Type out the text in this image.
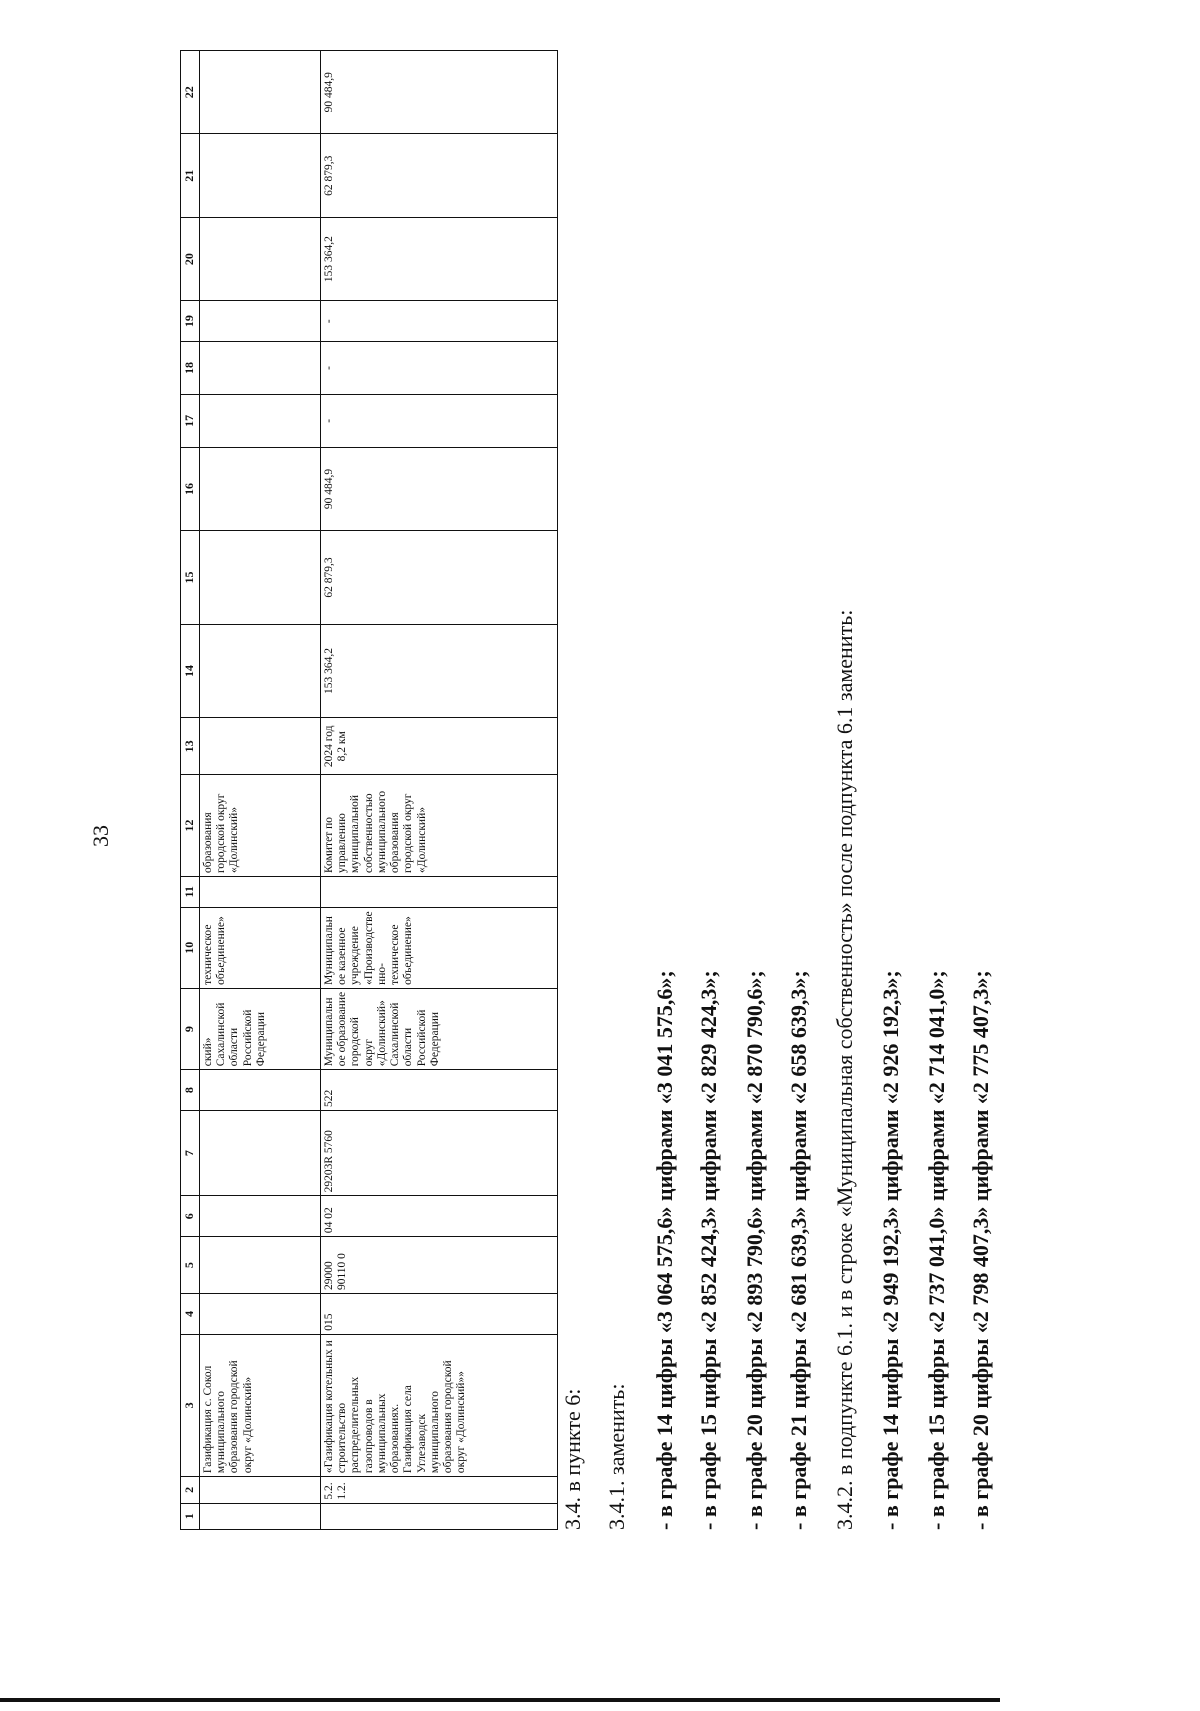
33
1	2	3	4	5	6	7	8	9	10	11	12	13	14	15	16	17	18	19	20	21	22
		Газификация с. Сокол муниципального образования городской округ «Долинский»						ский» Сахалинской области Российской Федерации	техническое объединение»		образования городской округ «Долинский»										
	5.2.1.2.	«Газификация котельных и строительство распределительных газопроводов в муниципальных образованиях. Газификация села Углезаводск муниципального образования городской округ «Долинский»»	015	29000 90110 0	04 02	29203R 5760	522	Муниципальное образование городской округ «Долинский» Сахалинской области Российской Федерации	Муниципальное казенное учреждение «Производственно-техническое объединение»		Комитет по управлению муниципальной собственностью муниципального образования городской округ «Долинский»	2024 год 8,2 км	153 364,2	62 879,3	90 484,9	-	-	-	153 364,2	62 879,3	90 484,9
3.4. в пункте 6: 3.4.1. заменить: - в графе 14 цифры «3 064 575,6» цифрами «3 041 575,6»; - в графе 15 цифры «2 852 424,3» цифрами «2 829 424,3»; - в графе 20 цифры «2 893 790,6» цифрами «2 870 790,6»; - в графе 21 цифры «2 681 639,3» цифрами «2 658 639,3»; 3.4.2. в подпункте 6.1. и в строке «Муниципальная собственность» после подпункта 6.1 заменить: - в графе 14 цифры «2 949 192,3» цифрами «2 926 192,3»; - в графе 15 цифры «2 737 041,0» цифрами «2 714 041,0»; - в графе 20 цифры «2 798 407,3» цифрами «2 775 407,3»;
